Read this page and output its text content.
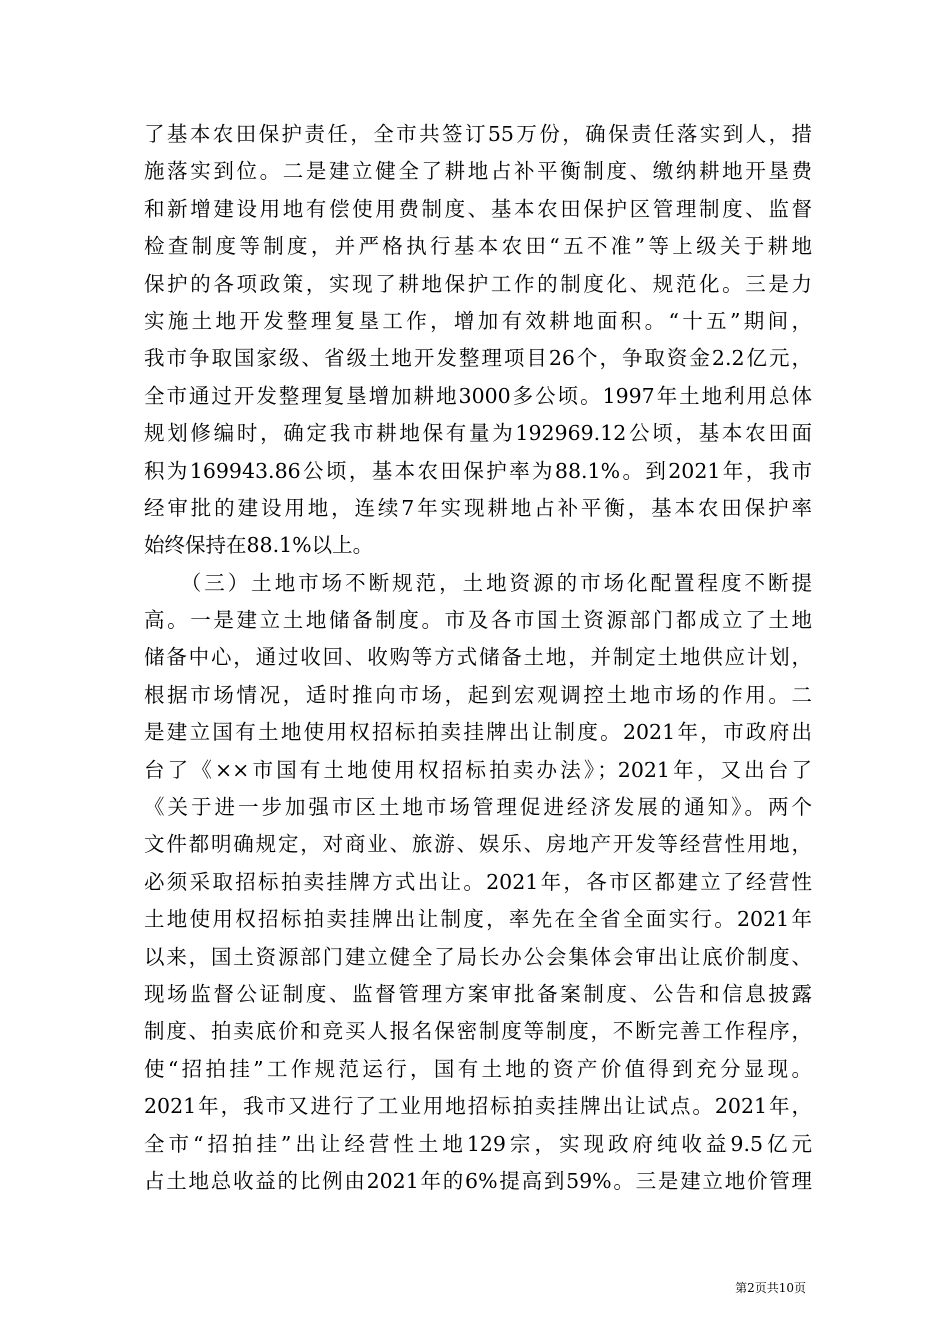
了基本农田保护责任，全市共签订55万份，确保责任落实到人，措
施落实到位。二是建立健全了耕地占补平衡制度、缴纳耕地开垦费
和新增建设用地有偿使用费制度、基本农田保护区管理制度、监督
检查制度等制度，并严格执行基本农田“五不准”等上级关于耕地
保护的各项政策，实现了耕地保护工作的制度化、规范化。三是力
实施土地开发整理复垦工作，增加有效耕地面积。“十五”期间，
我市争取国家级、省级土地开发整理项目26个，争取资金2.2亿元，
全市通过开发整理复垦增加耕地3000多公顷。1997年土地利用总体
规划修编时，确定我市耕地保有量为192969.12公顷，基本农田面
积为169943.86公顷，基本农田保护率为88.1%。到2021年，我市
经审批的建设用地，连续7年实现耕地占补平衡，基本农田保护率
始终保持在88.1%以上。
　　（三）土地市场不断规范，土地资源的市场化配置程度不断提
高。一是建立土地储备制度。市及各市国土资源部门都成立了土地
储备中心，通过收回、收购等方式储备土地，并制定土地供应计划，
根据市场情况，适时推向市场，起到宏观调控土地市场的作用。二
是建立国有土地使用权招标拍卖挂牌出让制度。2021年，市政府出
台了《××市国有土地使用权招标拍卖办法》；2021年，又出台了
《关于进一步加强市区土地市场管理促进经济发展的通知》。两个
文件都明确规定，对商业、旅游、娱乐、房地产开发等经营性用地，
必须采取招标拍卖挂牌方式出让。2021年，各市区都建立了经营性
土地使用权招标拍卖挂牌出让制度，率先在全省全面实行。2021年
以来，国土资源部门建立健全了局长办公会集体会审出让底价制度、
现场监督公证制度、监督管理方案审批备案制度、公告和信息披露
制度、拍卖底价和竞买人报名保密制度等制度，不断完善工作程序，
使“招拍挂”工作规范运行，国有土地的资产价值得到充分显现。
2021年，我市又进行了工业用地招标拍卖挂牌出让试点。2021年，
全市“招拍挂”出让经营性土地129宗，实现政府纯收益9.5亿元
占土地总收益的比例由2021年的6%提高到59%。三是建立地价管理
第2页共10页
